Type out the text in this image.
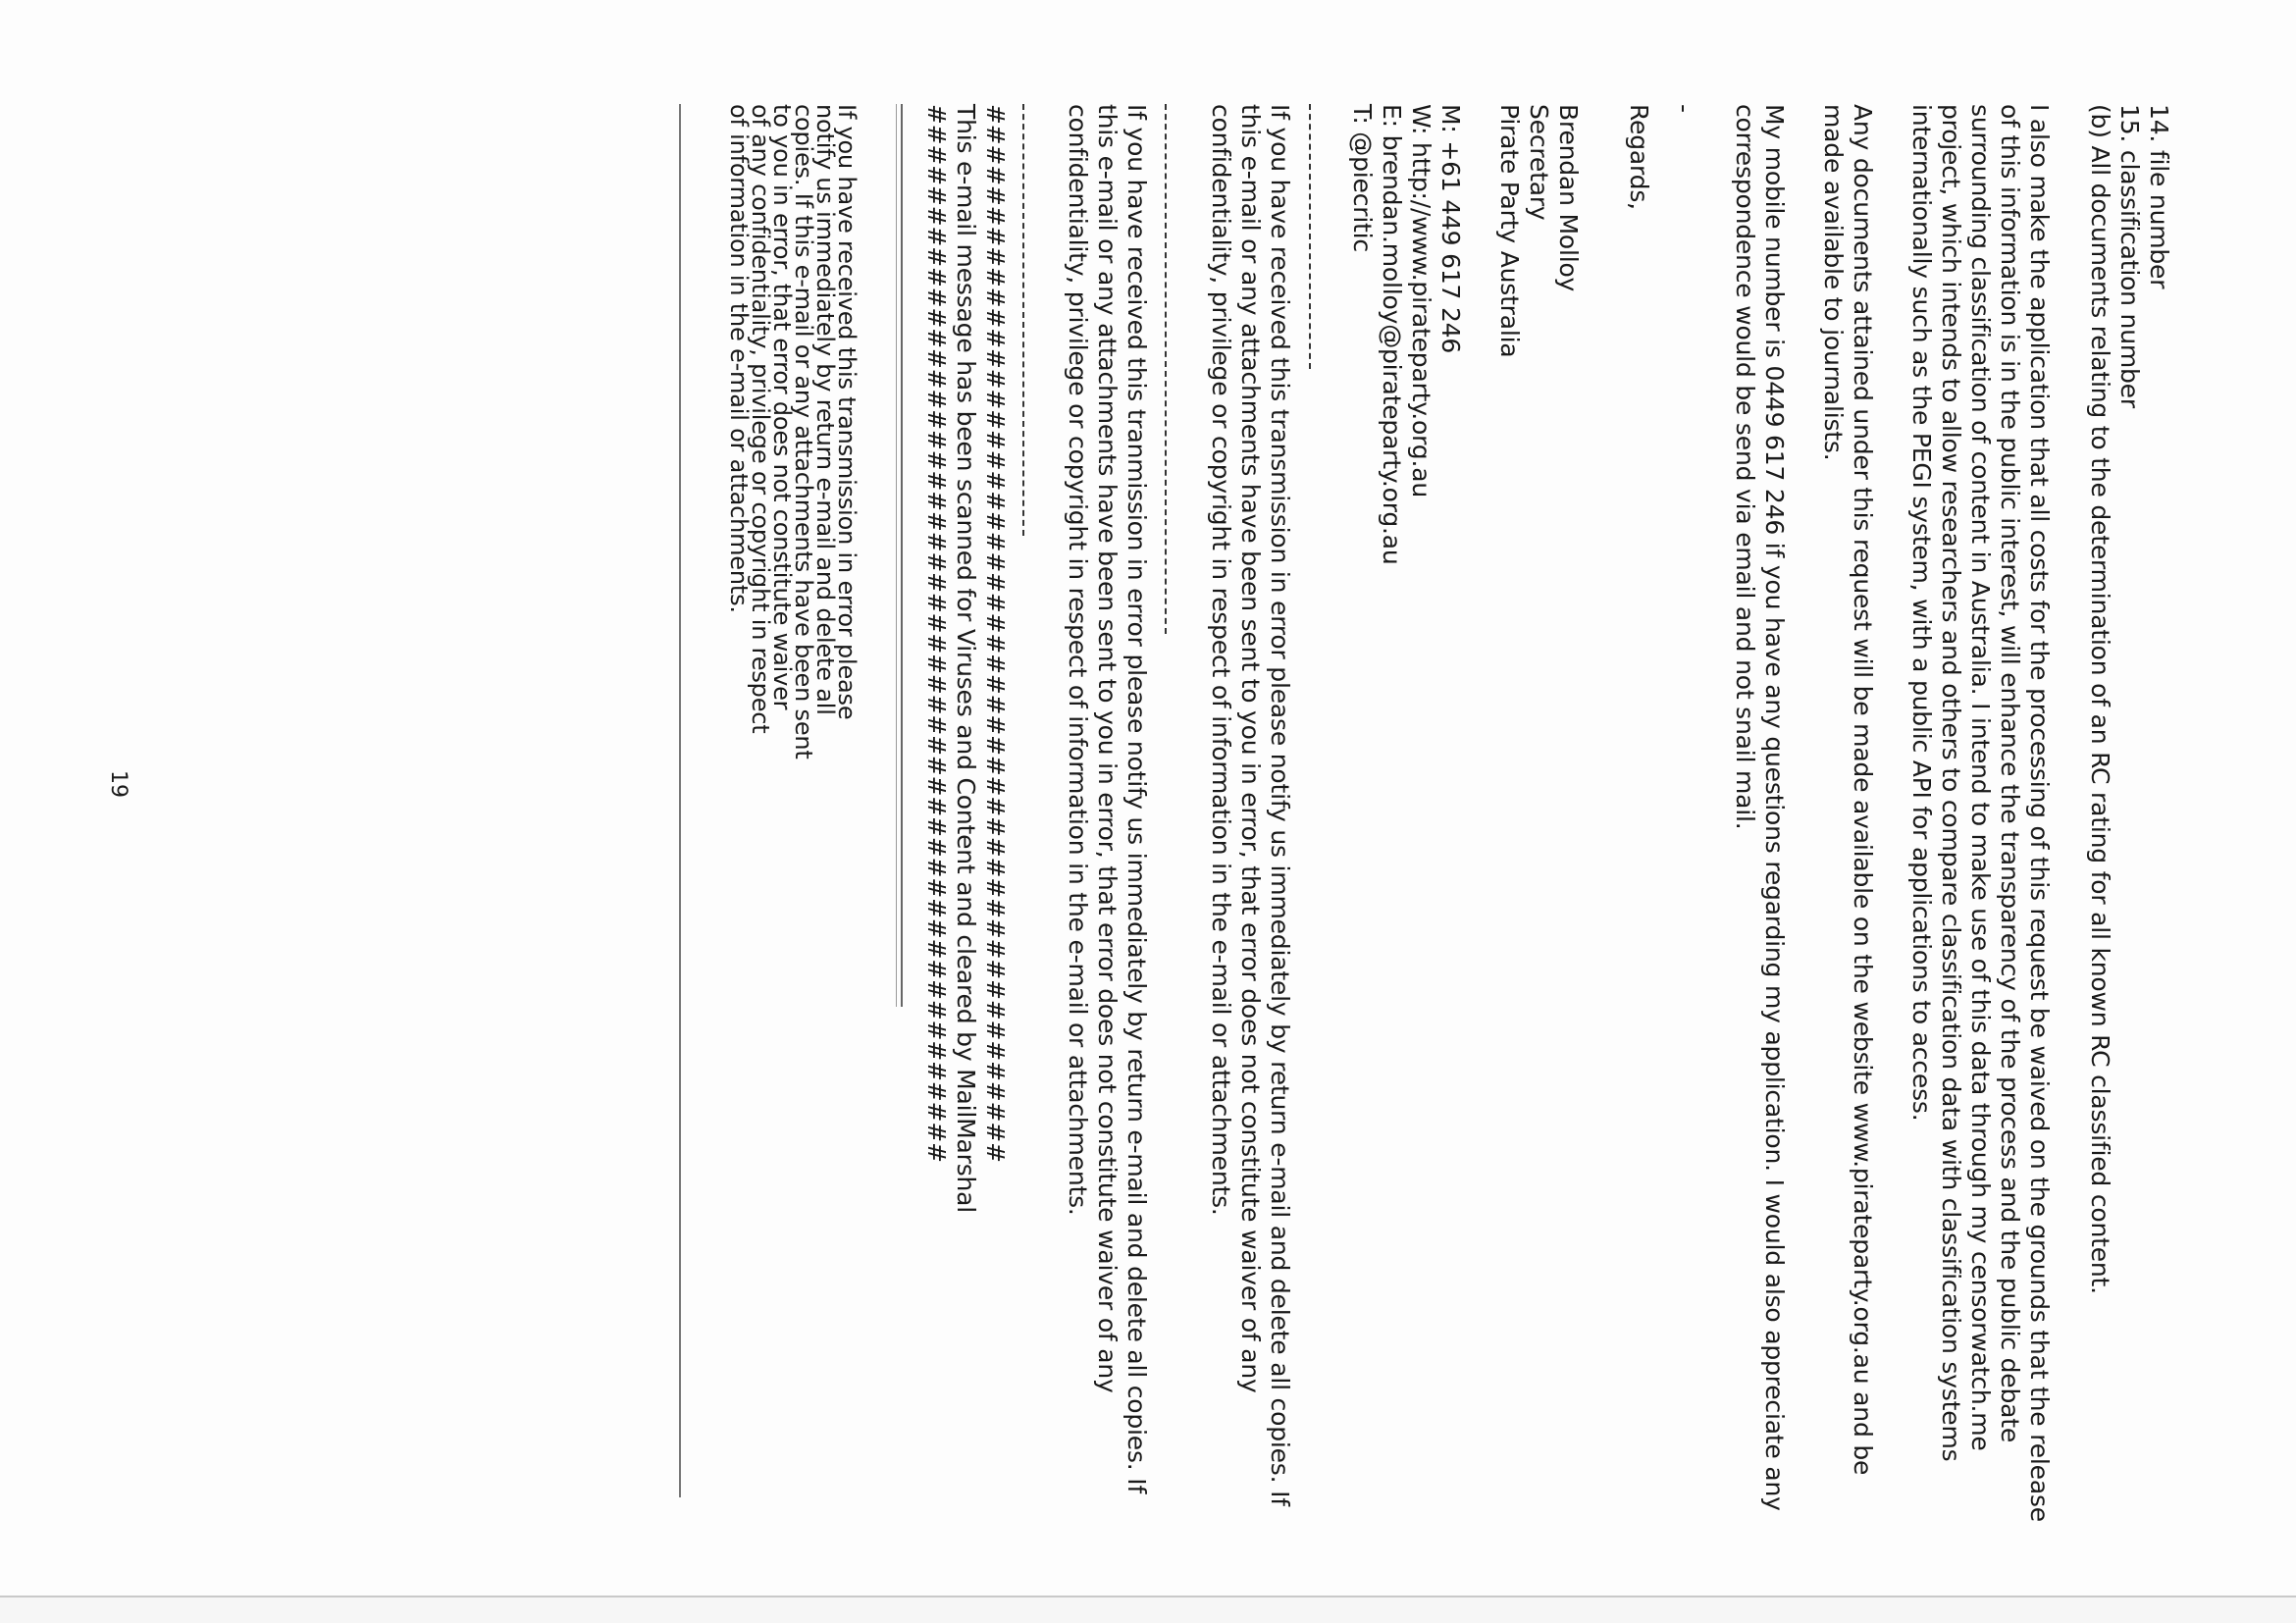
14. file number

15. classification number

(b) All documents relating to the determination of an RC rating for all known RC classified content.

I also make the application that all costs for the processing of this request be waived on the grounds that the release

of this information is in the public interest, will enhance the transparency of the process and the public debate

surrounding classification of content in Australia. I intend to make use of this data through my censorwatch.me

project, which intends to allow researchers and others to compare classification data with classification systems

internationally such as the PEGI system, with a public API for applications to access.

Any documents attained under this request will be made available on the website www.pirateparty.org.au and be

made available to journalists.

My mobile number is 0449 617 246 if you have any questions regarding my application. I would also appreciate any

correspondence would be send via email and not snail mail.

-

Regards,

Brendan Molloy

Secretary

Pirate Party Australia

M: +61 449 617 246

W: http://www.pirateparty.org.au

E: brendan.molloy@pirateparty.org.au

T: @piecritic

If you have received this transmission in error please notify us immediately by return e-mail and delete all copies. If

this e-mail or any attachments have been sent to you in error, that error does not constitute waiver of any

confidentiality, privilege or copyright in respect of information in the e-mail or attachments.

If you have received this tranmission in error please notify us immediately by return e-mail and delete all copies. If

this e-mail or any attachments have been sent to you in error, that error does not constitute waiver of any

confidentiality, privilege or copyright in respect of information in the e-mail or attachments.

####################################################

This e-mail message has been scanned for Viruses and Content and cleared by MailMarshal

####################################################

If you have received this transmission in error please

notify us immediately by return e-mail and delete all

copies. If this e-mail or any attachments have been sent

to you in error, that error does not constitute waiver

of any confidentiality, privilege or copyright in respect

of information in the e-mail or attachments.

19
